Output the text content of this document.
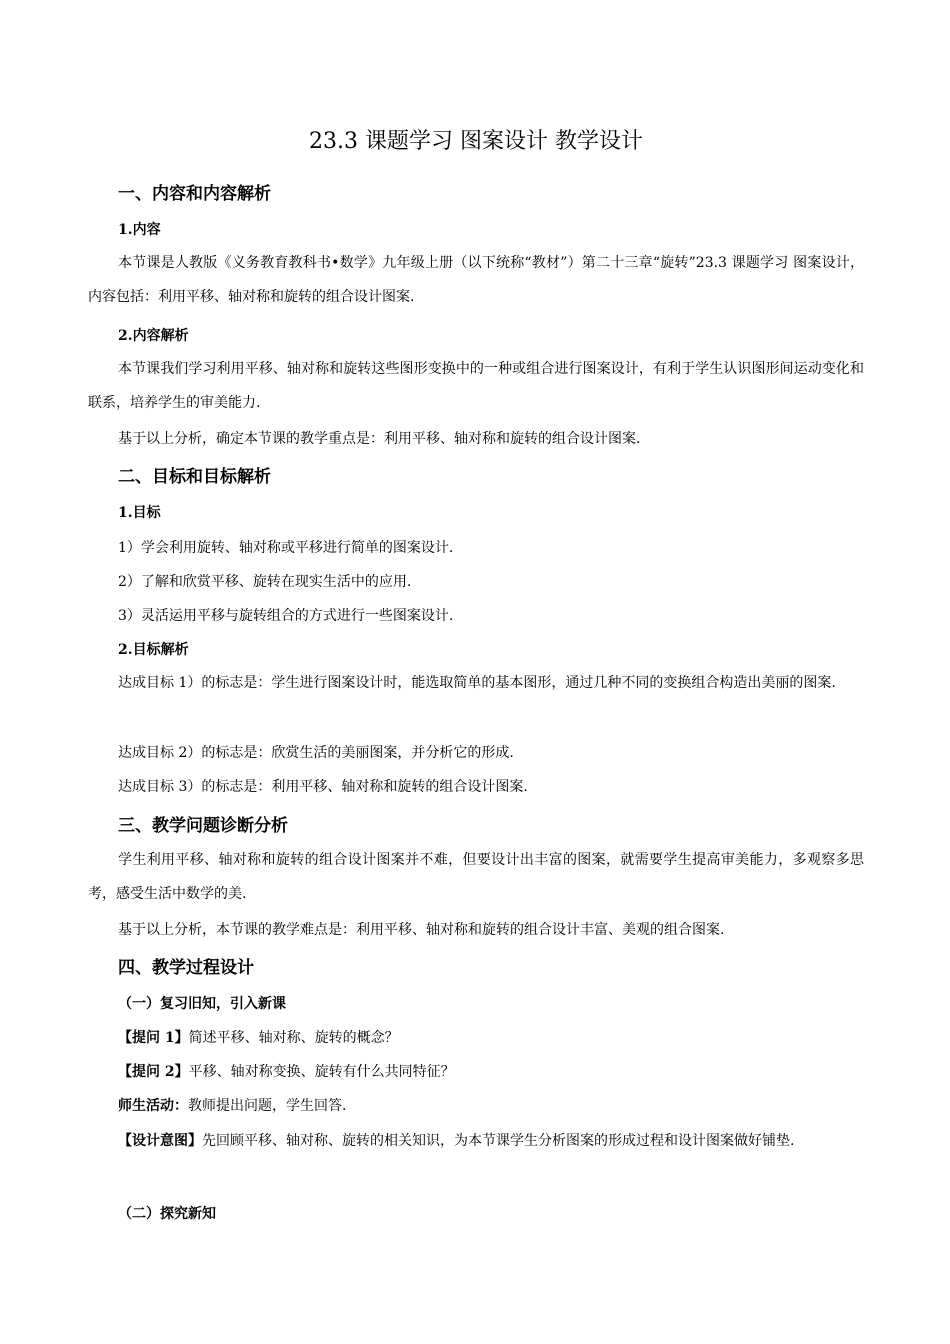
23.3 课题学习 图案设计 教学设计
一、内容和内容解析
1.内容

本节课是人教版《义务教育教科书•数学》九年级上册（以下统称“教材”）第二十三章“旋转”23.3 课题学习 图案设计，内容包括：利用平移、轴对称和旋转的组合设计图案.

2.内容解析

本节课我们学习利用平移、轴对称和旋转这些图形变换中的一种或组合进行图案设计，有利于学生认识图形间运动变化和联系，培养学生的审美能力.

基于以上分析，确定本节课的教学重点是：利用平移、轴对称和旋转的组合设计图案.

二、目标和目标解析
1.目标

1）学会利用旋转、轴对称或平移进行简单的图案设计.

2）了解和欣赏平移、旋转在现实生活中的应用.

3）灵活运用平移与旋转组合的方式进行一些图案设计.

2.目标解析

达成目标 1）的标志是：学生进行图案设计时，能选取简单的基本图形，通过几种不同的变换组合构造出美丽的图案.

达成目标 2）的标志是：欣赏生活的美丽图案，并分析它的形成.

达成目标 3）的标志是：利用平移、轴对称和旋转的组合设计图案.

三、教学问题诊断分析

学生利用平移、轴对称和旋转的组合设计图案并不难，但要设计出丰富的图案，就需要学生提高审美能力，多观察多思考，感受生活中数学的美.

基于以上分析，本节课的教学难点是：利用平移、轴对称和旋转的组合设计丰富、美观的组合图案.

四、教学过程设计
（一）复习旧知，引入新课

【提问 1】简述平移、轴对称、旋转的概念？

【提问 2】平移、轴对称变换、旋转有什么共同特征？

师生活动：教师提出问题，学生回答.

【设计意图】先回顾平移、轴对称、旋转的相关知识，为本节课学生分析图案的形成过程和设计图案做好铺垫.

（二）探究新知
